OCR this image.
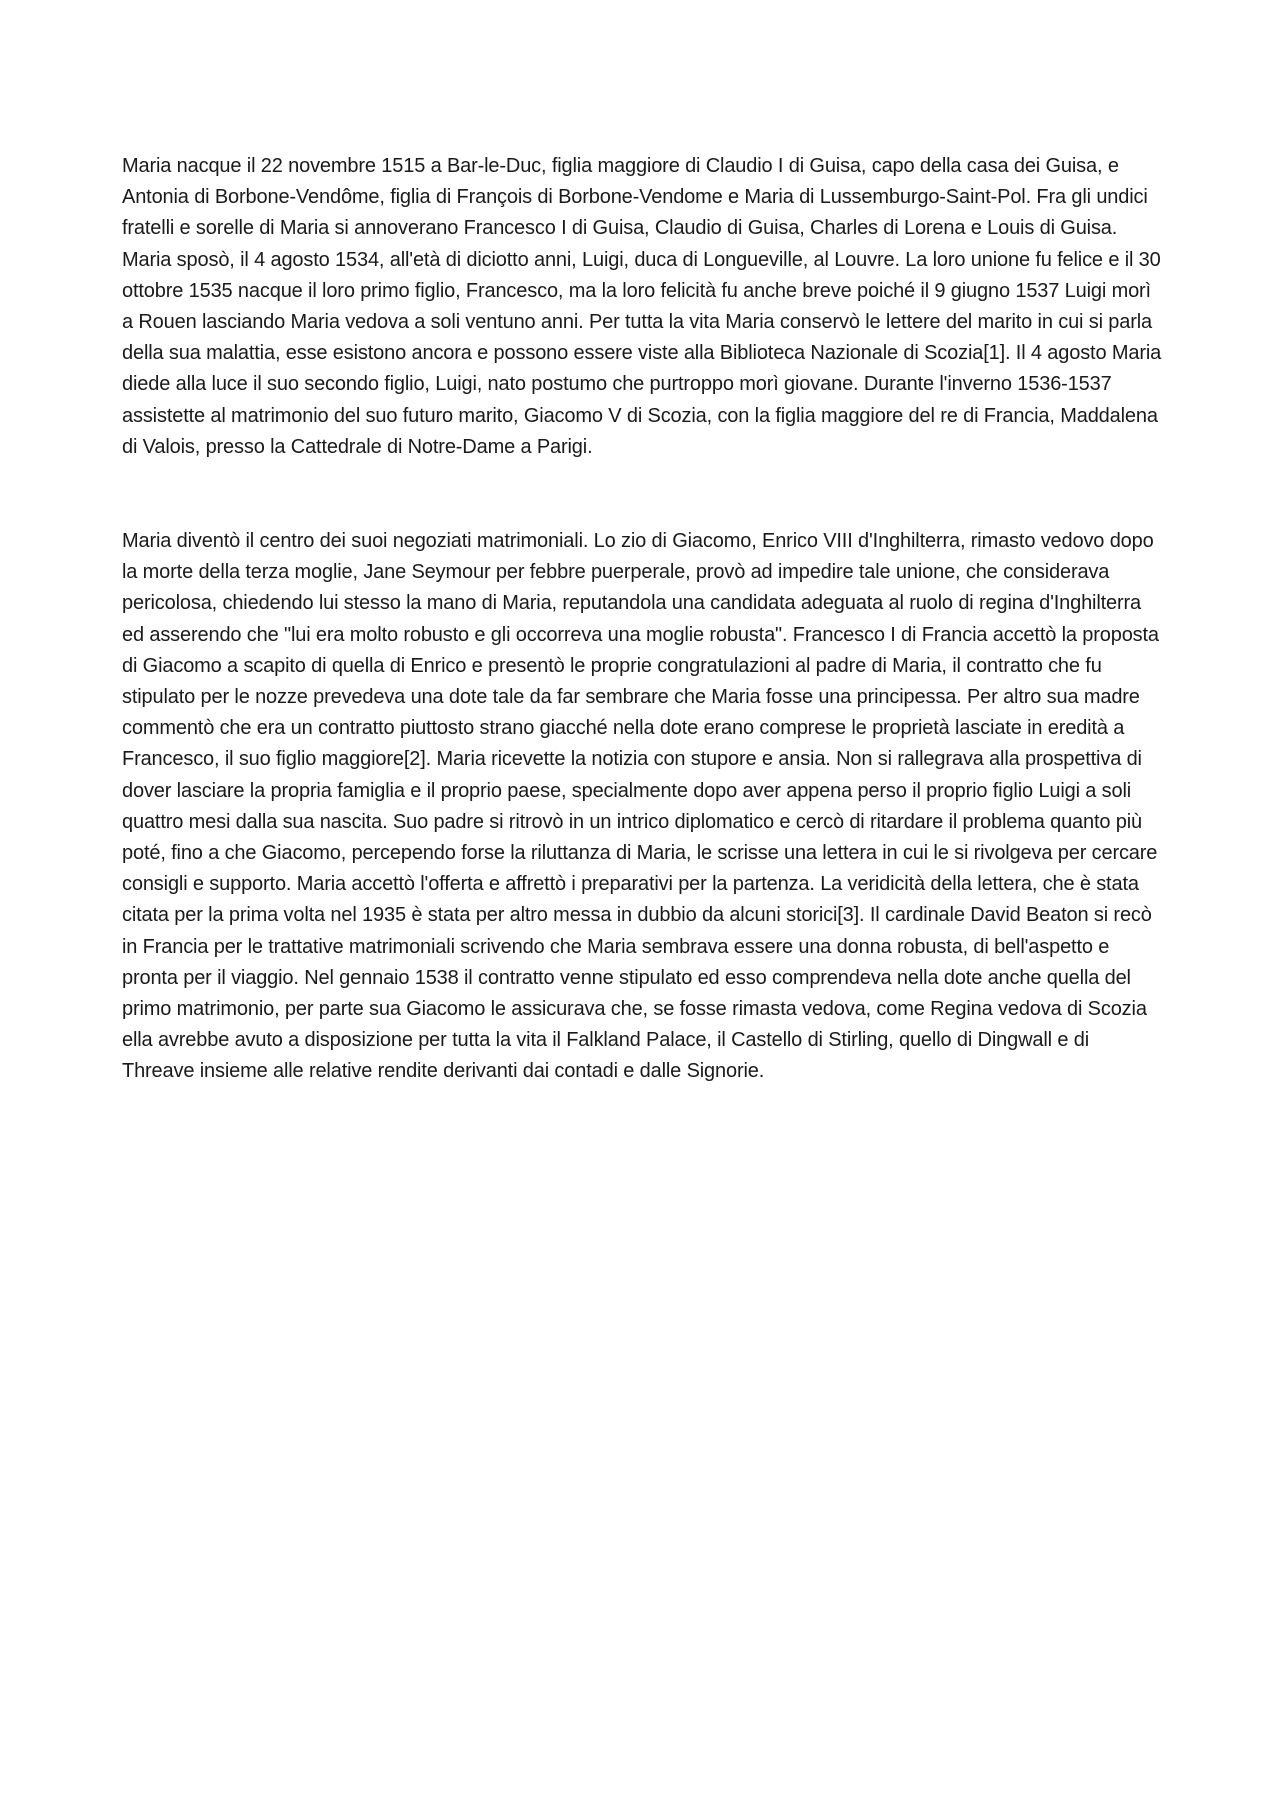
Maria nacque il 22 novembre 1515 a Bar-le-Duc, figlia maggiore di Claudio I di Guisa, capo della casa dei Guisa, e Antonia di Borbone-Vendôme, figlia di François di Borbone-Vendome e Maria di Lussemburgo-Saint-Pol. Fra gli undici fratelli e sorelle di Maria si annoverano Francesco I di Guisa, Claudio di Guisa, Charles di Lorena e Louis di Guisa. Maria sposò, il 4 agosto 1534, all'età di diciotto anni, Luigi, duca di Longueville, al Louvre. La loro unione fu felice e il 30 ottobre 1535 nacque il loro primo figlio, Francesco, ma la loro felicità fu anche breve poiché il 9 giugno 1537 Luigi morì a Rouen lasciando Maria vedova a soli ventuno anni. Per tutta la vita Maria conservò le lettere del marito in cui si parla della sua malattia, esse esistono ancora e possono essere viste alla Biblioteca Nazionale di Scozia[1]. Il 4 agosto Maria diede alla luce il suo secondo figlio, Luigi, nato postumo che purtroppo morì giovane. Durante l'inverno 1536-1537 assistette al matrimonio del suo futuro marito, Giacomo V di Scozia, con la figlia maggiore del re di Francia, Maddalena di Valois, presso la Cattedrale di Notre-Dame a Parigi.

Maria diventò il centro dei suoi negoziati matrimoniali. Lo zio di Giacomo, Enrico VIII d'Inghilterra, rimasto vedovo dopo la morte della terza moglie, Jane Seymour per febbre puerperale, provò ad impedire tale unione, che considerava pericolosa, chiedendo lui stesso la mano di Maria, reputandola una candidata adeguata al ruolo di regina d'Inghilterra ed asserendo che "lui era molto robusto e gli occorreva una moglie robusta". Francesco I di Francia accettò la proposta di Giacomo a scapito di quella di Enrico e presentò le proprie congratulazioni al padre di Maria, il contratto che fu stipulato per le nozze prevedeva una dote tale da far sembrare che Maria fosse una principessa. Per altro sua madre commentò che era un contratto piuttosto strano giacché nella dote erano comprese le proprietà lasciate in eredità a Francesco, il suo figlio maggiore[2]. Maria ricevette la notizia con stupore e ansia. Non si rallegrava alla prospettiva di dover lasciare la propria famiglia e il proprio paese, specialmente dopo aver appena perso il proprio figlio Luigi a soli quattro mesi dalla sua nascita. Suo padre si ritrovò in un intrico diplomatico e cercò di ritardare il problema quanto più poté, fino a che Giacomo, percependo forse la riluttanza di Maria, le scrisse una lettera in cui le si rivolgeva per cercare consigli e supporto. Maria accettò l'offerta e affrettò i preparativi per la partenza. La veridicità della lettera, che è stata citata per la prima volta nel 1935 è stata per altro messa in dubbio da alcuni storici[3]. Il cardinale David Beaton si recò in Francia per le trattative matrimoniali scrivendo che Maria sembrava essere una donna robusta, di bell'aspetto e pronta per il viaggio. Nel gennaio 1538 il contratto venne stipulato ed esso comprendeva nella dote anche quella del primo matrimonio, per parte sua Giacomo le assicurava che, se fosse rimasta vedova, come Regina vedova di Scozia ella avrebbe avuto a disposizione per tutta la vita il Falkland Palace, il Castello di Stirling, quello di Dingwall e di Threave insieme alle relative rendite derivanti dai contadi e dalle Signorie.
